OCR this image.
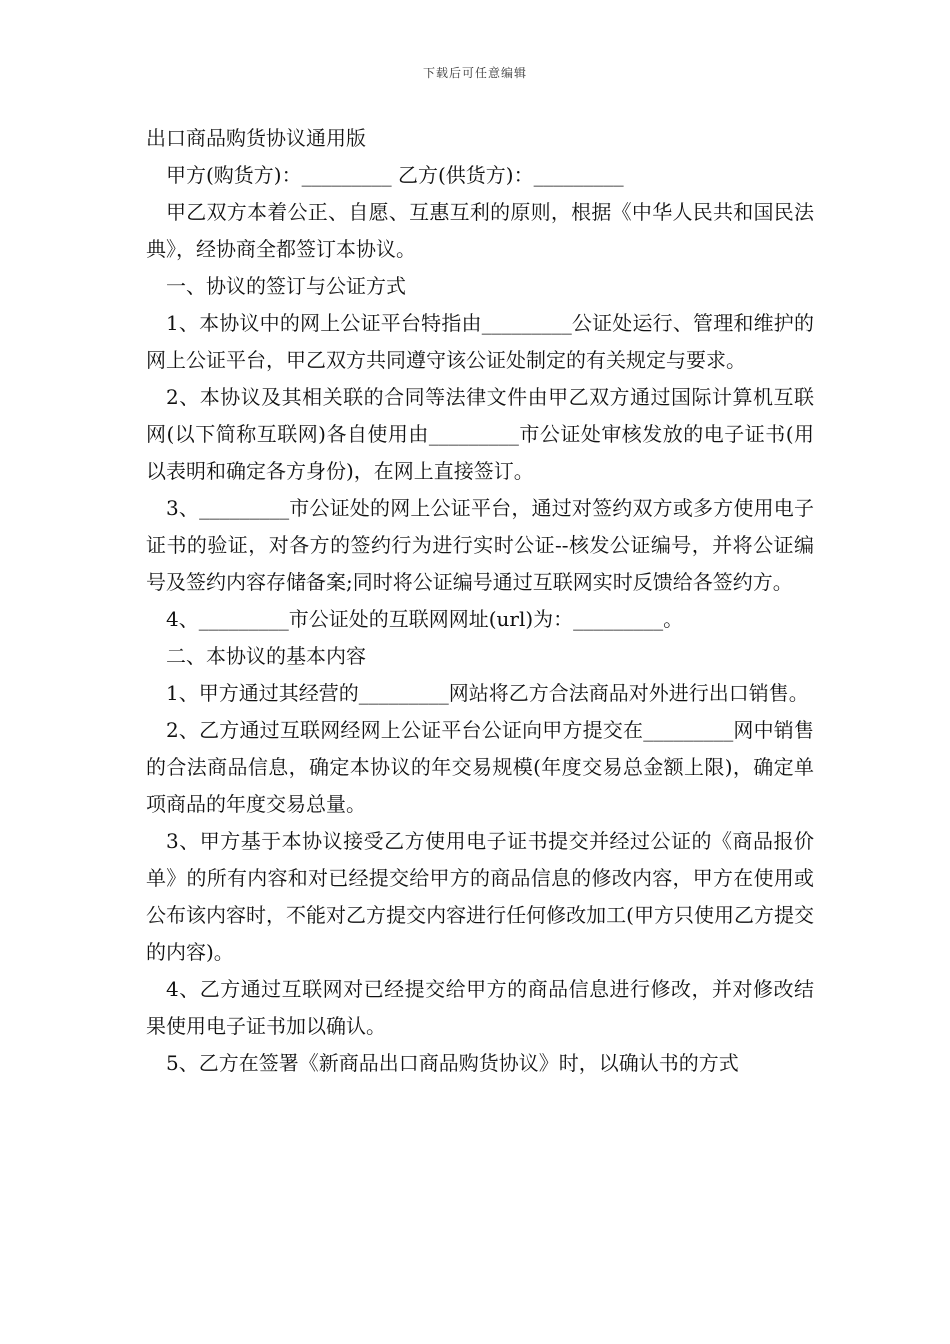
下载后可任意编辑

出口商品购货协议通用版

甲方(购货方)：_________ 乙方(供货方)：_________

甲乙双方本着公正、自愿、互惠互利的原则，根据《中华人民共和国民法典》，经协商全都签订本协议。

一、协议的签订与公证方式

1、本协议中的网上公证平台特指由_________公证处运行、管理和维护的网上公证平台，甲乙双方共同遵守该公证处制定的有关规定与要求。

2、本协议及其相关联的合同等法律文件由甲乙双方通过国际计算机互联网(以下简称互联网)各自使用由_________市公证处审核发放的电子证书(用以表明和确定各方身份)，在网上直接签订。

3、_________市公证处的网上公证平台，通过对签约双方或多方使用电子证书的验证，对各方的签约行为进行实时公证--核发公证编号，并将公证编号及签约内容存储备案;同时将公证编号通过互联网实时反馈给各签约方。

4、_________市公证处的互联网网址(url)为：_________。

二、本协议的基本内容

1、甲方通过其经营的_________网站将乙方合法商品对外进行出口销售。

2、乙方通过互联网经网上公证平台公证向甲方提交在_________网中销售的合法商品信息，确定本协议的年交易规模(年度交易总金额上限)，确定单项商品的年度交易总量。

3、甲方基于本协议接受乙方使用电子证书提交并经过公证的《商品报价单》的所有内容和对已经提交给甲方的商品信息的修改内容，甲方在使用或公布该内容时，不能对乙方提交内容进行任何修改加工(甲方只使用乙方提交的内容)。

4、乙方通过互联网对已经提交给甲方的商品信息进行修改，并对修改结果使用电子证书加以确认。

5、乙方在签署《新商品出口商品购货协议》时，以确认书的方式
